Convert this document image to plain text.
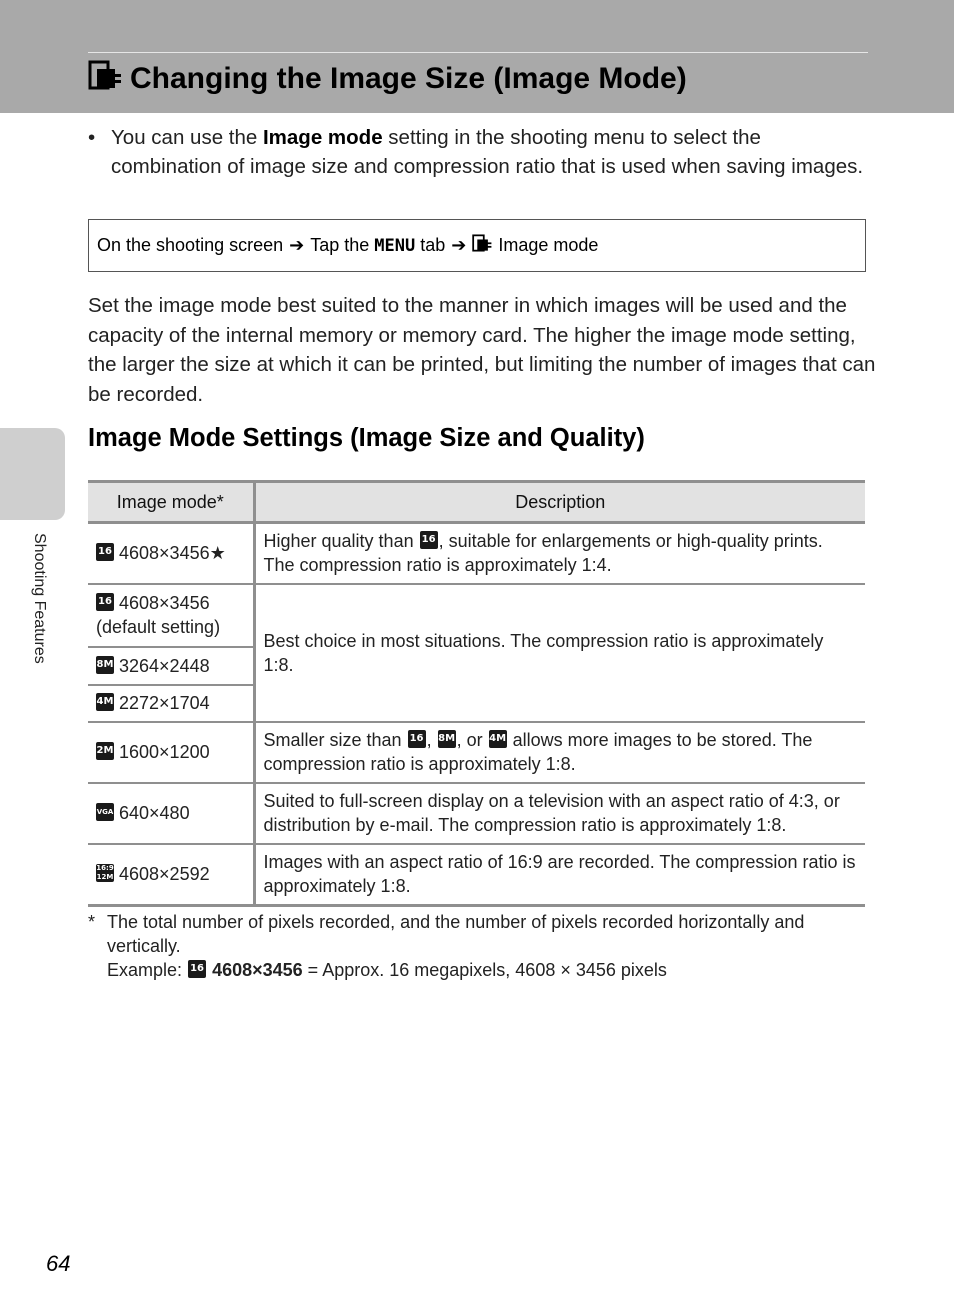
Changing the Image Size (Image Mode)
• You can use the Image mode setting in the shooting menu to select the combination of image size and compression ratio that is used when saving images.
On the shooting screen ➔ Tap the
MENU
tab ➔ Image mode

Set the image mode best suited to the manner in which images will be used and the capacity of the internal memory or memory card. The higher the image mode setting, the larger the size at which it can be printed, but limiting the number of images that can be recorded.

Image Mode Settings (Image Size and Quality)
Shooting Features
Image mode*	Description
16 4608×3456★	Higher quality than 16 , suitable for enlargements or high-quality prints. The compression ratio is approximately 1:4.
16 4608×3456 (default setting)	Best choice in most situations. The compression ratio is approximately 1:8.
8M 3264×2448	
4M 2272×1704	
2M 1600×1200	Smaller size than 16 , 8M, or 4M allows more images to be stored. The compression ratio is approximately 1:8.
VGA 640×480	Suited to full-screen display on a television with an aspect ratio of 4:3, or distribution by e-mail. The compression ratio is approximately 1:8.
16:9
12M 4608×2592	Images with an aspect ratio of 16:9 are recorded. The compression ratio is approximately 1:8.
* The total number of pixels recorded, and the number of pixels recorded horizontally and vertically.
Example: 16 4608×3456 = Approx. 16 megapixels, 4608 × 3456 pixels
64
